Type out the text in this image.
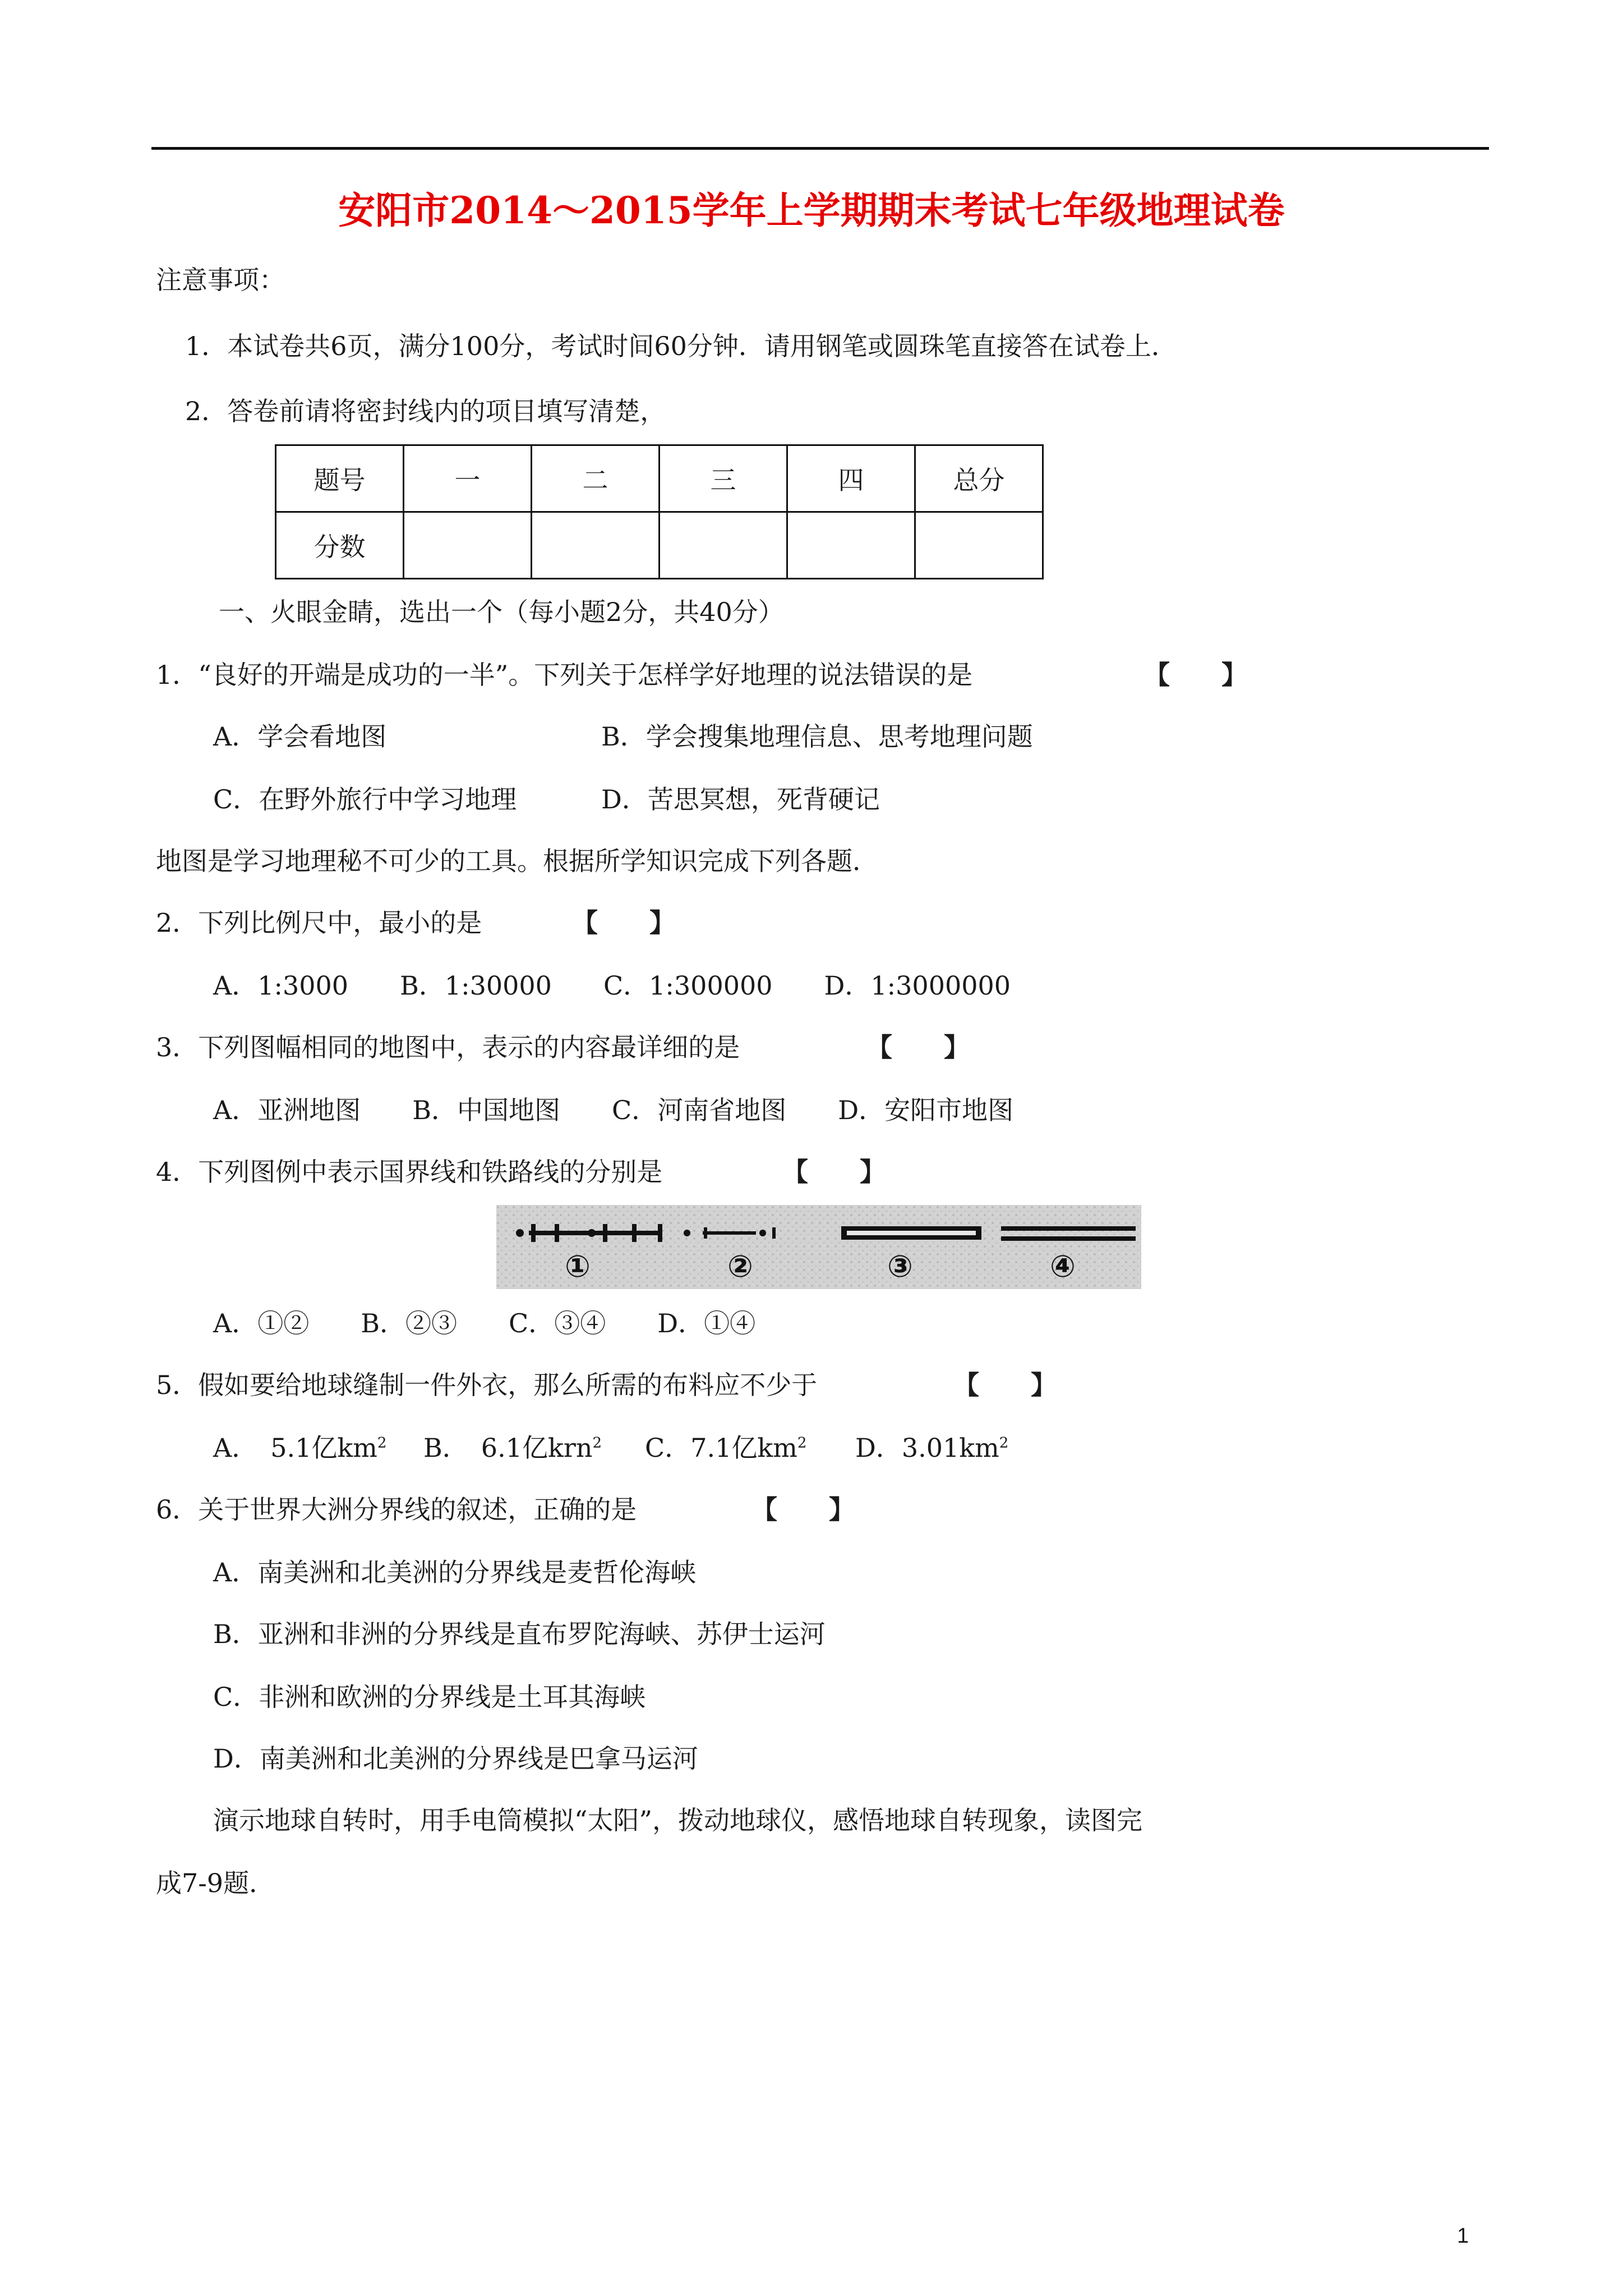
安阳市2014～2015学年上学期期末考试七年级地理试卷
注意事项：
1．本试卷共6页，满分100分，考试时间60分钟．请用钢笔或圆珠笔直接答在试卷上．
2．答卷前请将密封线内的项目填写清楚，
题号	一	二	三	四	总分
分数					
一、火眼金睛，选出一个（每小题2分，共40分）
1．“良好的开端是成功的一半”。下列关于怎样学好地理的说法错误的是	【　　】
A．学会看地图	B．学会搜集地理信息、思考地理问题
C．在野外旅行中学习地理	D．苦思冥想，死背硬记
地图是学习地理秘不可少的工具。根据所学知识完成下列各题．
2．下列比例尺中，最小的是	【　　】
A．1:3000　　B．1:30000　　C．1:300000　　D．1:3000000
3．下列图幅相同的地图中，表示的内容最详细的是	【　　】
A．亚洲地图　　B．中国地图　　C．河南省地图　　D．安阳市地图
4．下列图例中表示国界线和铁路线的分别是	【　　】
①	②	③	④
A．①②　　B．②③　　C．③④　　D．①④
5．假如要给地球缝制一件外衣，那么所需的布料应不少于	【　　】
A．　5.1亿$km^2$ B．　6.1亿krn$^2$ C．7.1亿$km^2$ D．$3.01km^2$
6．关于世界大洲分界线的叙述，正确的是	【　　】
A．南美洲和北美洲的分界线是麦哲伦海峡
B．亚洲和非洲的分界线是直布罗陀海峡、苏伊士运河
C．非洲和欧洲的分界线是土耳其海峡
D．南美洲和北美洲的分界线是巴拿马运河
演示地球自转时，用手电筒模拟“太阳”，拨动地球仪，感悟地球自转现象，读图完
成7-9题．
1
